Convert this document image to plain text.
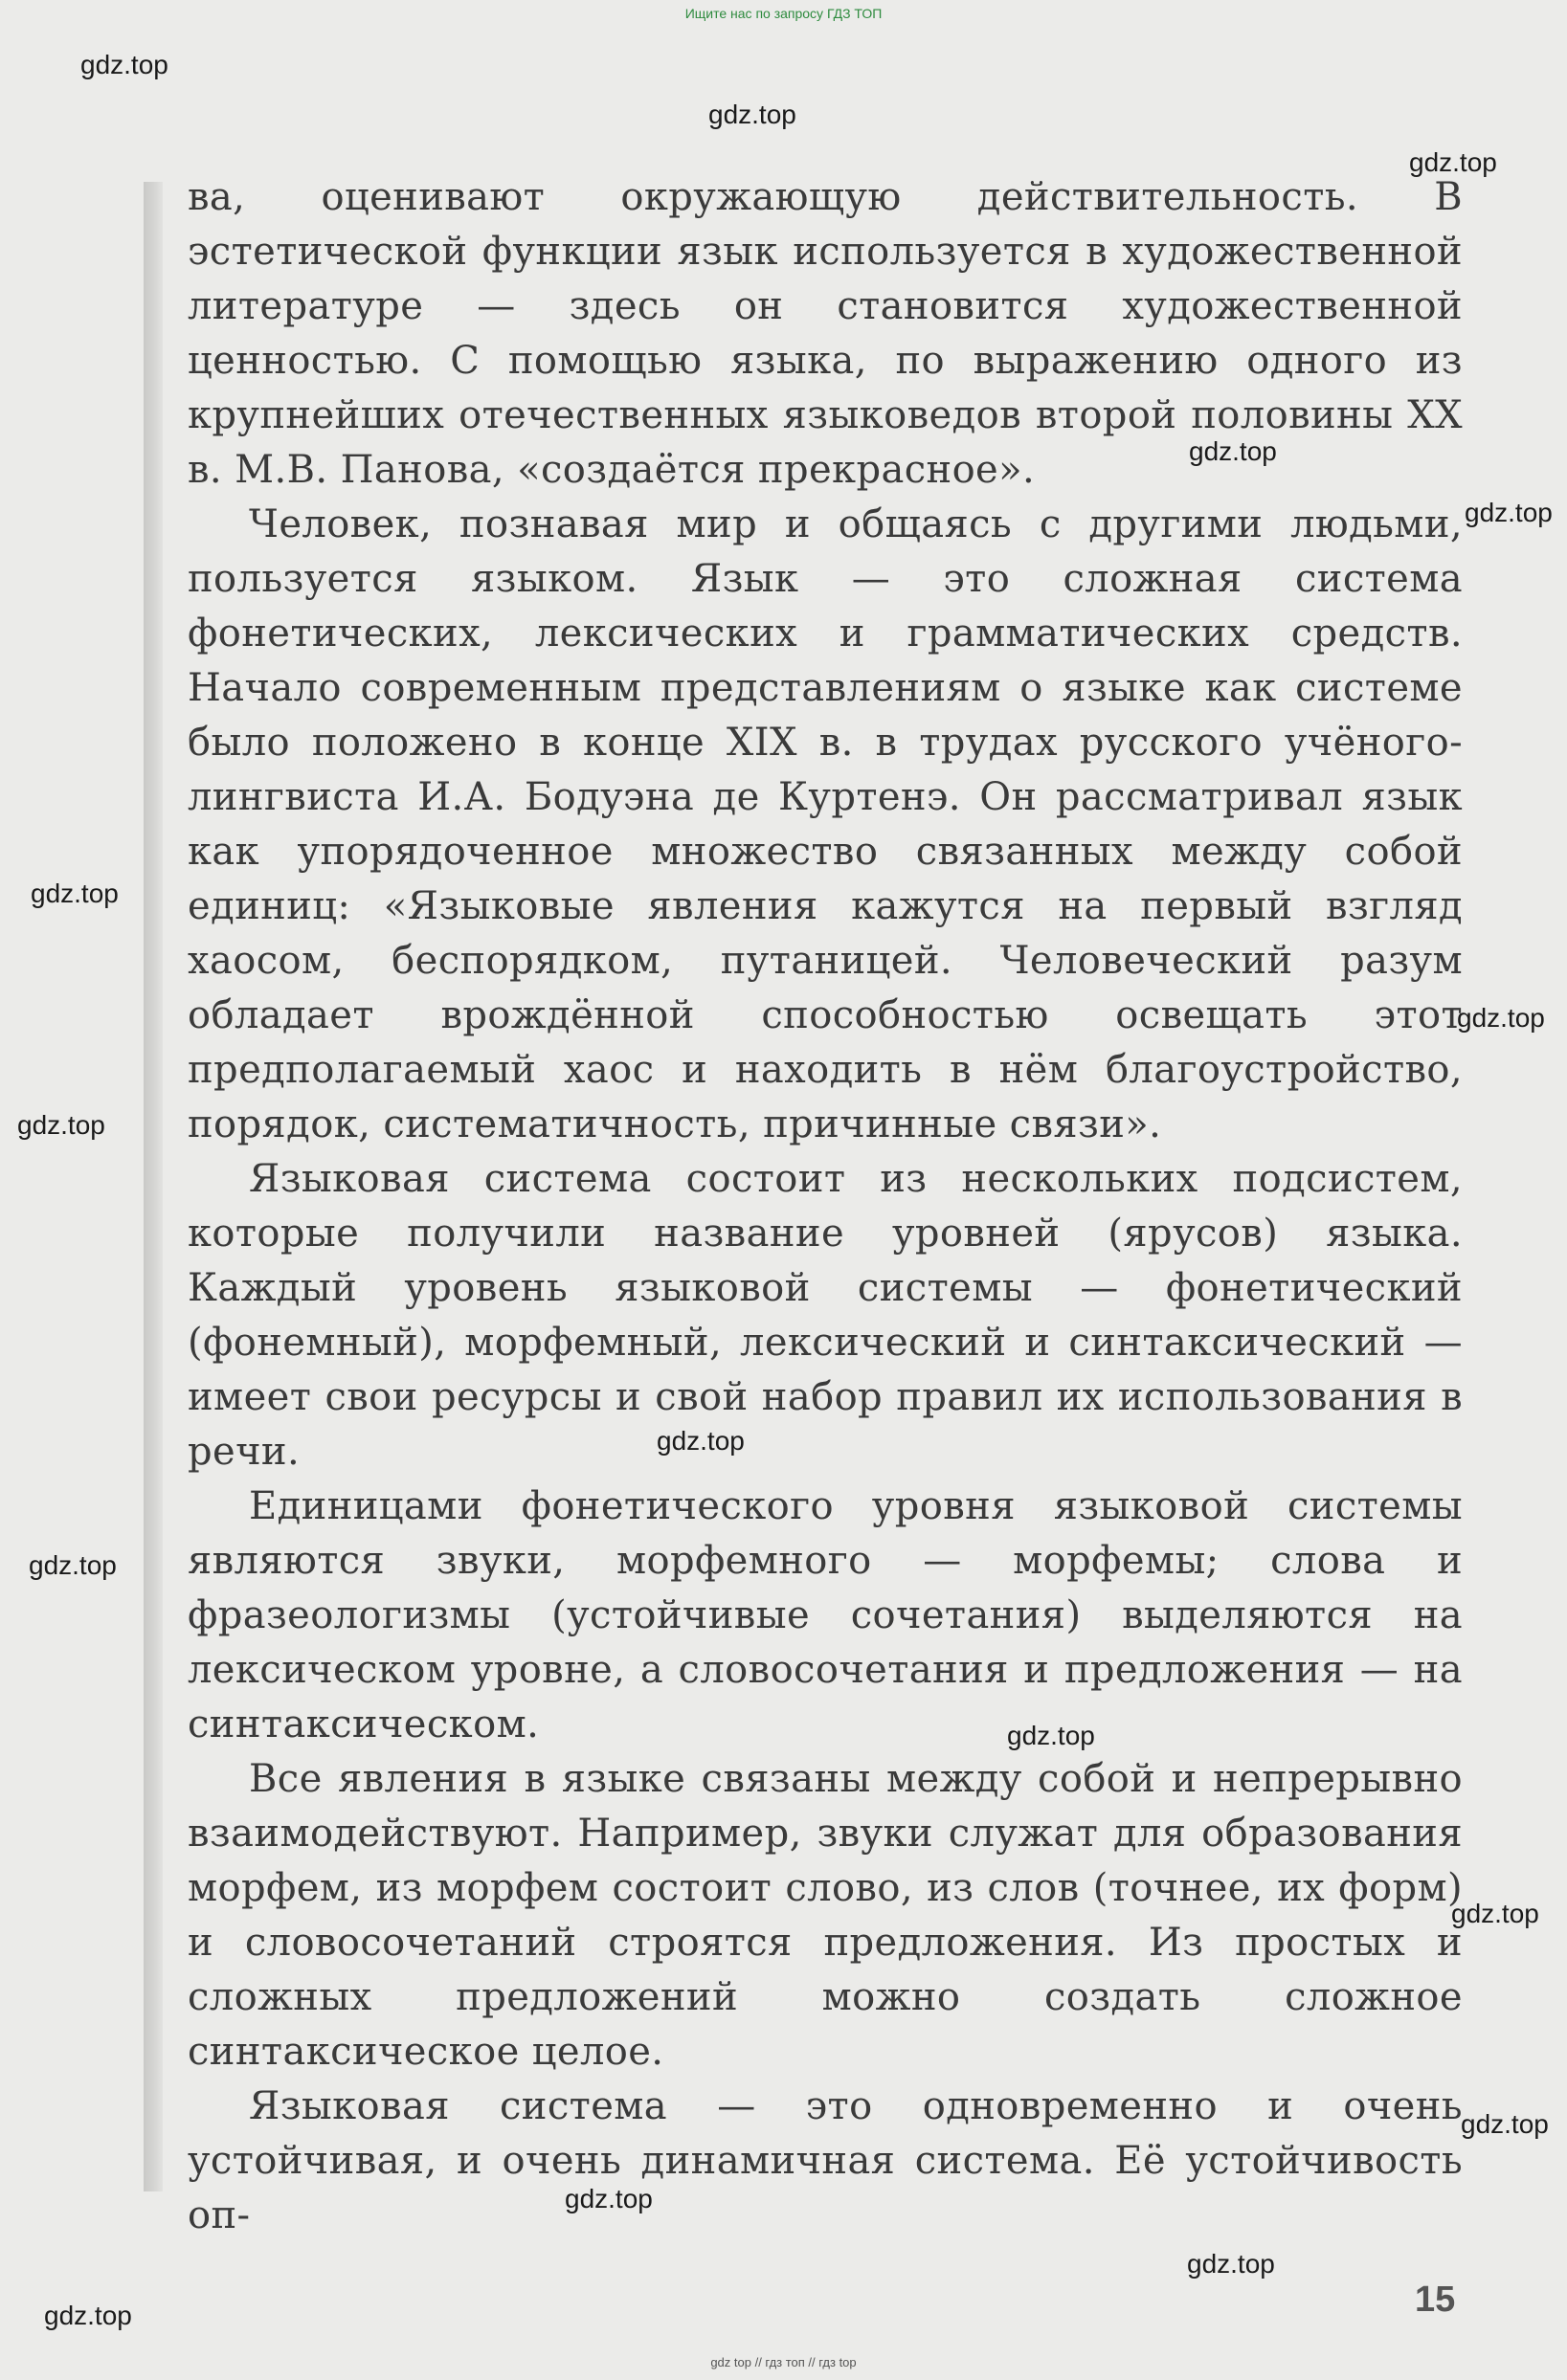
Ищите нас по запросу ГДЗ ТОП
gdz.top
gdz.top
gdz.top
gdz.top
gdz.top
gdz.top
gdz.top
gdz.top
gdz.top
gdz.top
gdz.top
gdz.top
gdz.top
gdz.top
gdz.top
gdz.top

ва, оценивают окружающую действительность. В эстетической функции язык используется в художественной литературе — здесь он становится художественной ценностью. С помощью языка, по выражению одного из крупнейших отечественных языковедов второй половины XX в. М.В. Панова, «создаётся прекрасное».

Человек, познавая мир и общаясь с другими людьми, пользуется языком. Язык — это сложная система фонетических, лексических и грамматических средств. Начало современным представлениям о языке как системе было положено в конце XIX в. в трудах русского учёного-лингвиста И.А. Бодуэна де Куртенэ. Он рассматривал язык как упорядоченное множество связанных между собой единиц: «Языковые явления кажутся на первый взгляд хаосом, беспорядком, путаницей. Человеческий разум обладает врождённой способностью освещать этот предполагаемый хаос и находить в нём благоустройство, порядок, систематичность, причинные связи».

Языковая система состоит из нескольких подсистем, которые получили название уровней (ярусов) языка. Каждый уровень языковой системы — фонетический (фонемный), морфемный, лексический и синтаксический — имеет свои ресурсы и свой набор правил их использования в речи.

Единицами фонетического уровня языковой системы являются звуки, морфемного — морфемы; слова и фразеологизмы (устойчивые сочетания) выделяются на лексическом уровне, а словосочетания и предложения — на синтаксическом.

Все явления в языке связаны между собой и непрерывно взаимодействуют. Например, звуки служат для образования морфем, из морфем состоит слово, из слов (точнее, их форм) и словосочетаний строятся предложения. Из простых и сложных предложений можно создать сложное синтаксическое целое.

Языковая система — это одновременно и очень устойчивая, и очень динамичная система. Её устойчивость оп-

15
gdz top // гдз топ // гдз top
